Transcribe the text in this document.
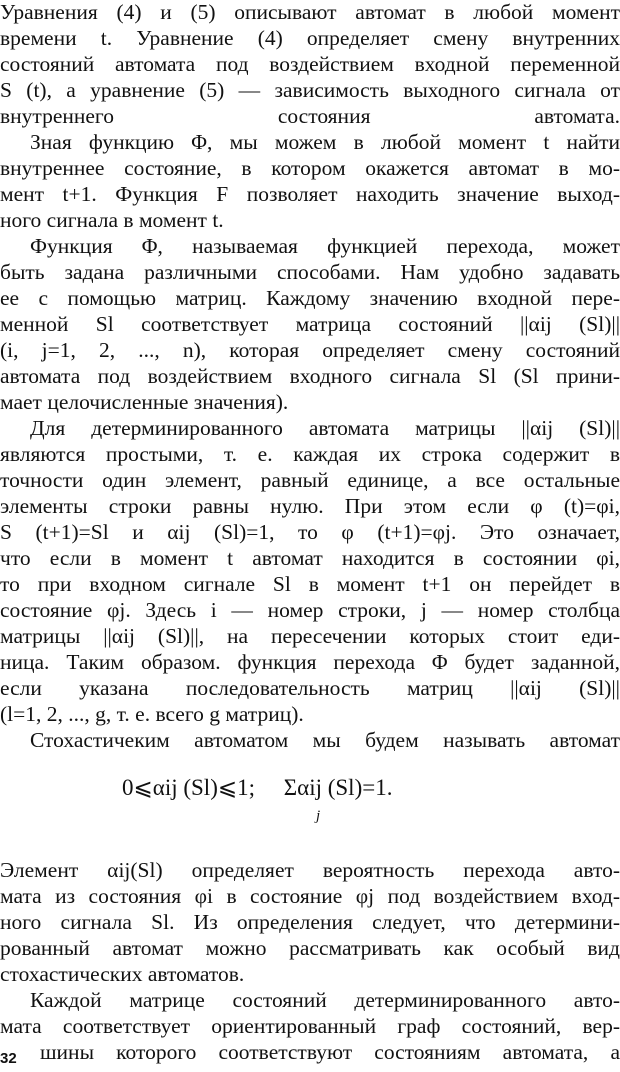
Уравнения (4) и (5) описывают автомат в любой момент
времени t. Уравнение (4) определяет смену внутренних
состояний автомата под воздействием входной переменной
S (t), а уравнение (5) — зависимость выходного сигнала от
внутреннего состояния автомата.
Зная функцию Φ, мы можем в любой момент t найти
внутреннее состояние, в котором окажется автомат в мо-
мент t+1. Функция F позволяет находить значение выход-
ного сигнала в момент t.
Функция Φ, называемая функцией перехода, может
быть задана различными способами. Нам удобно задавать
ее с помощью матриц. Каждому значению входной пере-
менной Sl соответствует матрица состояний ||αij (Sl)||
(i, j=1, 2, ..., n), которая определяет смену состояний
автомата под воздействием входного сигнала Sl (Sl прини-
мает целочисленные значения).
Для детерминированного автомата матрицы ||αij (Sl)||
являются простыми, т. е. каждая их строка содержит в
точности один элемент, равный единице, а все остальные
элементы строки равны нулю. При этом если φ (t)=φi,
S (t+1)=Sl и αij (Sl)=1, то φ (t+1)=φj. Это означает,
что если в момент t автомат находится в состоянии φi,
то при входном сигнале Sl в момент t+1 он перейдет в
состояние φj. Здесь i — номер строки, j — номер столбца
матрицы ||αij (Sl)||, на пересечении которых стоит еди-
ница. Таким образом. функция перехода Φ будет заданной,
если указана последовательность матриц ||αij (Sl)||
(l=1, 2, ..., g, т. е. всего g матриц).
Стохастичеким автоматом мы будем называть автомат
0⩽αij (Sl)⩽1;     Σαij (Sl)=1.
j
Элемент αij(Sl) определяет вероятность перехода авто-
мата из состояния φi в состояние φj под воздействием вход-
ного сигнала Sl. Из определения следует, что детермини-
рованный автомат можно рассматривать как особый вид
стохастических автоматов.
Каждой матрице состояний детерминированного авто-
мата соответствует ориентированный граф состояний, вер-
шины которого соответствуют состояниям автомата, а
32
